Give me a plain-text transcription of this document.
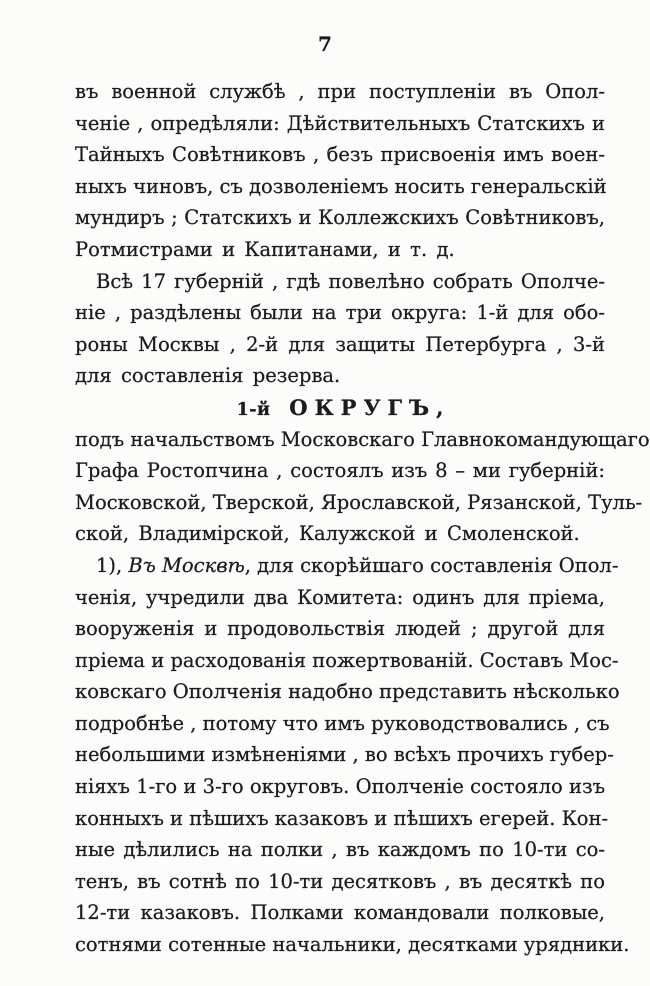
7
въ военной службѣ , при поступленіи въ Опол-
ченіе , опредѣляли: Дѣйствительныхъ Статскихъ и
Тайныхъ Совѣтниковъ , безъ присвоенія имъ воен-
ныхъ чиновъ, съ дозволеніемъ носить генеральскій
мундиръ ; Статскихъ и Коллежскихъ Совѣтниковъ,
Ротмистрами и Капитанами, и т. д.
Всѣ 17 губерній , гдѣ повелѣно собрать Ополче-
ніе , раздѣлены были на три округа: 1-й для обо-
роны Москвы , 2-й для защиты Петербурга , 3-й
для составленія резерва.
1-й ОКРУГЪ,
подъ начальствомъ Московскаго Главнокомандующаго
Графа Ростопчина , состоялъ изъ 8 – ми губерній:
Московской, Тверской, Ярославской, Рязанской, Туль-
ской, Владимірской, Калужской и Смоленской.
1), Въ Москвѣ, для скорѣйшаго составленія Опол-
ченія, учредили два Комитета: одинъ для пріема,
вооруженія и продовольствія людей ; другой для
пріема и расходованія пожертвованій. Составъ Мос-
ковскаго Ополченія надобно представить нѣсколько
подробнѣе , потому что имъ руководствовались , съ
небольшими измѣненіями , во всѣхъ прочихъ губер-
ніяхъ 1-го и 3-го округовъ. Ополченіе состояло изъ
конныхъ и пѣшихъ казаковъ и пѣшихъ егерей. Кон-
ные дѣлились на полки , въ каждомъ по 10-ти со-
тенъ, въ сотнѣ по 10-ти десятковъ , въ десяткѣ по
12-ти казаковъ. Полками командовали полковые,
сотнями сотенные начальники, десятками урядники.
